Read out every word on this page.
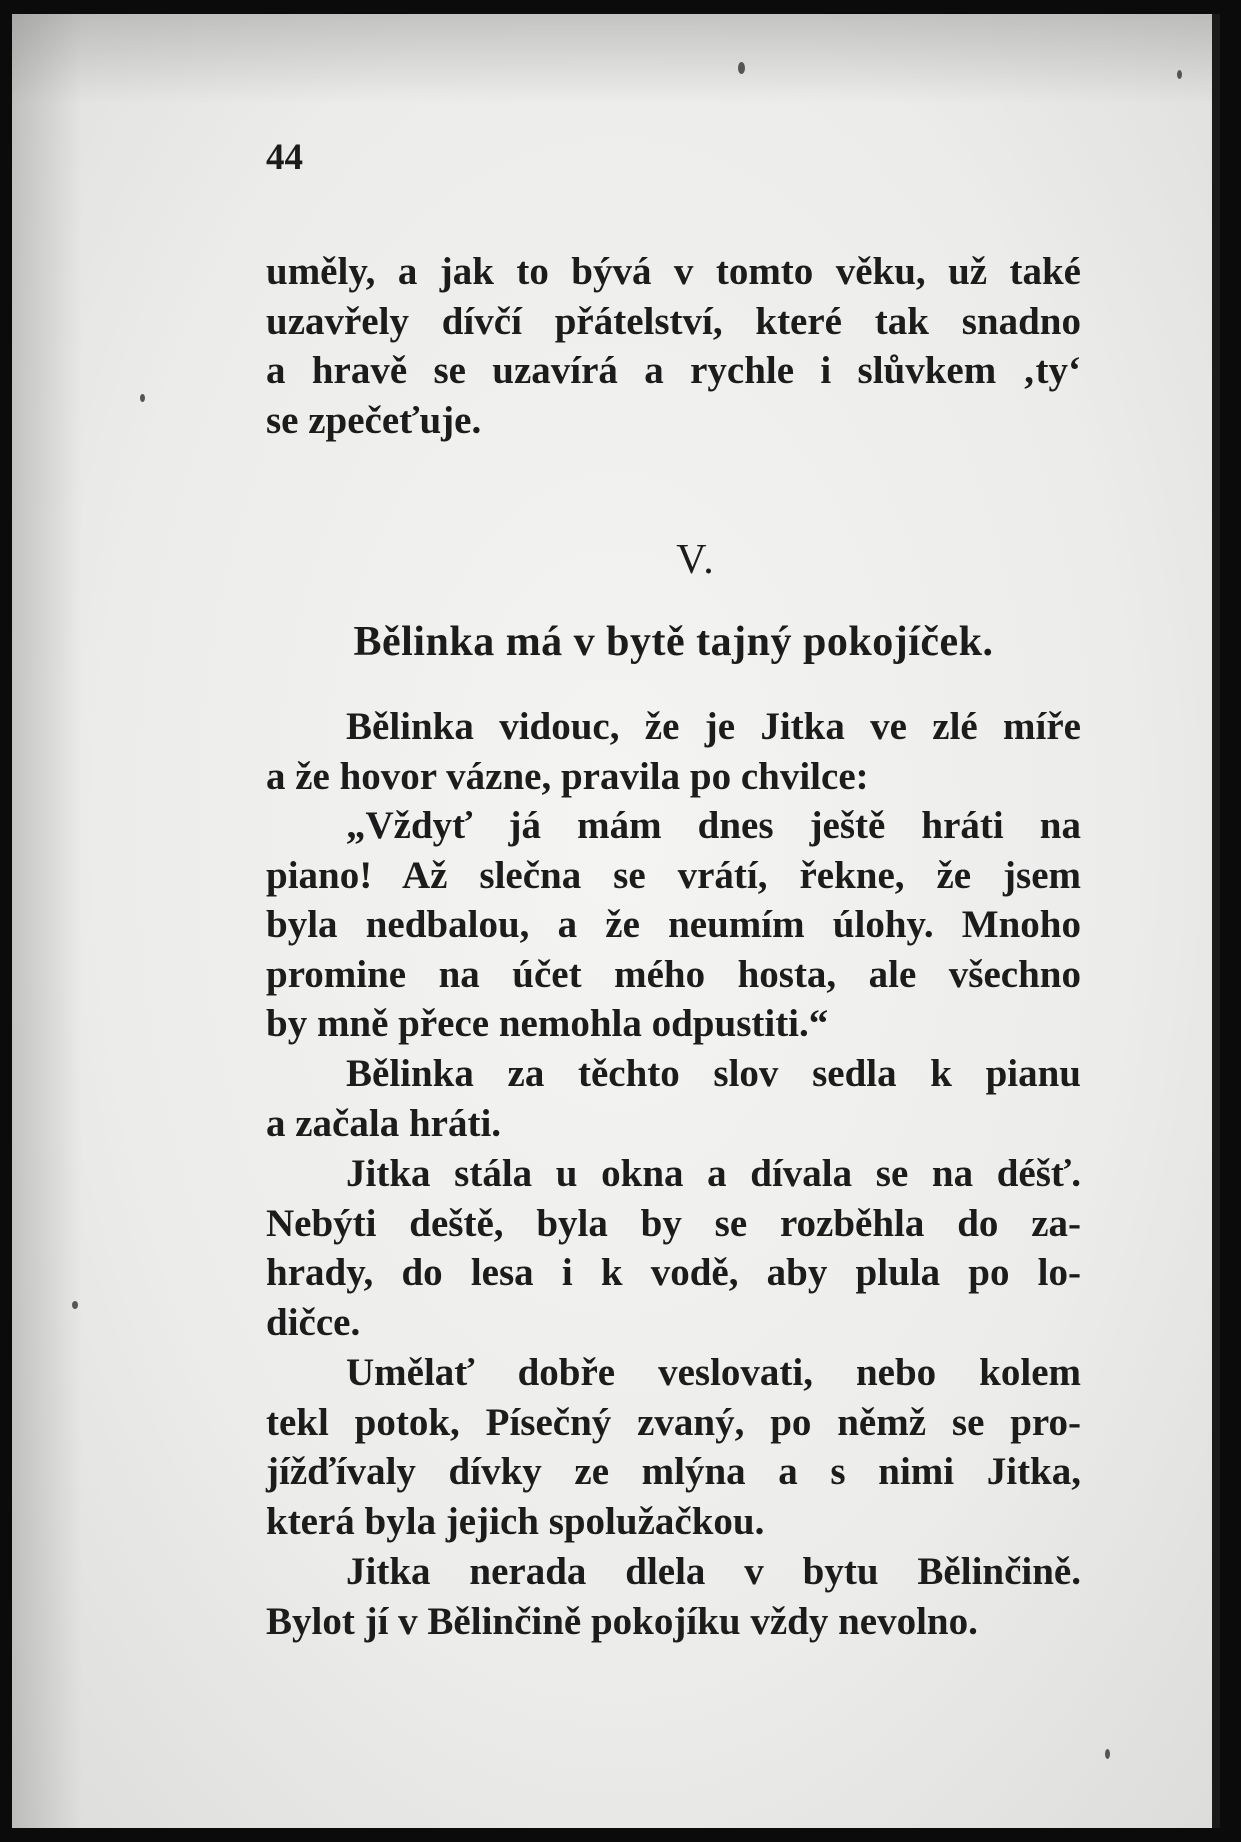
44
uměly, a jak to bývá v tomto věku, už také
uzavřely dívčí přátelství, které tak snadno
a hravě se uzavírá a rychle i slůvkem ‚ty‘
se zpečeťuje.
V.
Bělinka má v bytě tajný pokojíček.
Bělinka vidouc, že je Jitka ve zlé míře
a že hovor vázne, pravila po chvilce:
„Vždyť já mám dnes ještě hráti na
piano! Až slečna se vrátí, řekne, že jsem
byla nedbalou, a že neumím úlohy. Mnoho
promine na účet mého hosta, ale všechno
by mně přece nemohla odpustiti.“
Bělinka za těchto slov sedla k pianu
a začala hráti.
Jitka stála u okna a dívala se na déšť.
Nebýti deště, byla by se rozběhla do za-
hrady, do lesa i k vodě, aby plula po lo-
dičce.
Umělať dobře veslovati, nebo kolem
tekl potok, Písečný zvaný, po němž se pro-
jížďívaly dívky ze mlýna a s nimi Jitka,
která byla jejich spolužačkou.
Jitka nerada dlela v bytu Bělinčině.
Bylot jí v Bělinčině pokojíku vždy nevolno.
